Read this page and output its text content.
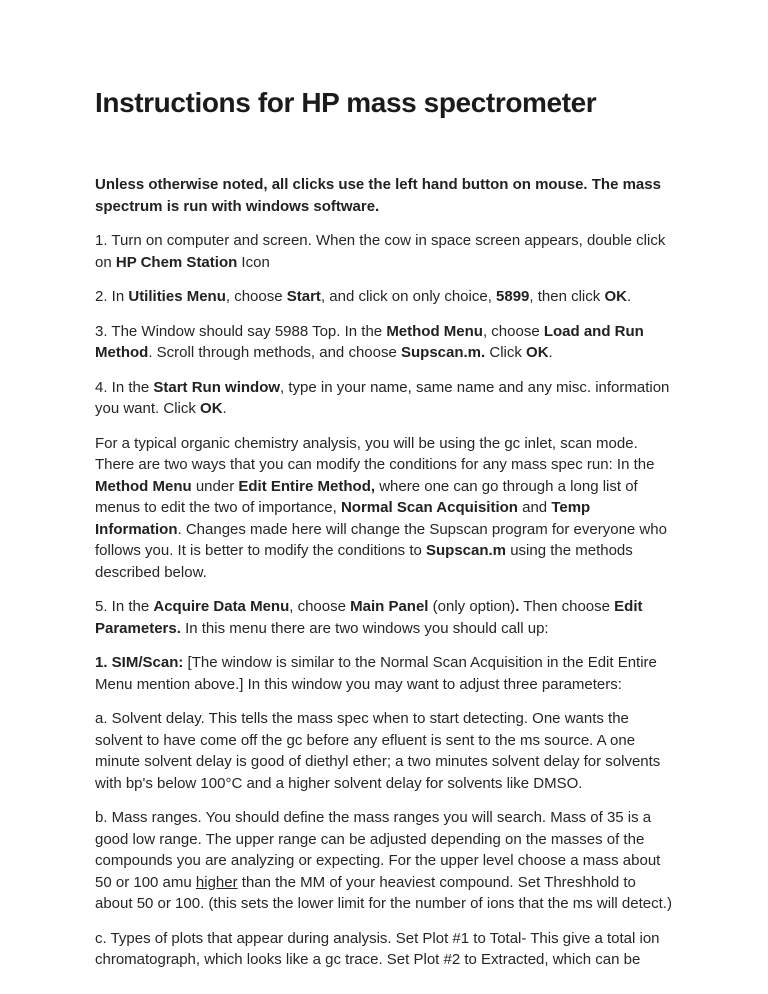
Instructions for HP mass spectrometer

Unless otherwise noted, all clicks use the left hand button on mouse. The mass spectrum is run with windows software.

1. Turn on computer and screen. When the cow in space screen appears, double click on HP Chem Station Icon

2. In Utilities Menu, choose Start, and click on only choice, 5899, then click OK.

3. The Window should say 5988 Top. In the Method Menu, choose Load and Run Method. Scroll through methods, and choose Supscan.m. Click OK.

4. In the Start Run window, type in your name, same name and any misc. information you want. Click OK.

For a typical organic chemistry analysis, you will be using the gc inlet, scan mode. There are two ways that you can modify the conditions for any mass spec run: In the Method Menu under Edit Entire Method, where one can go through a long list of menus to edit the two of importance, Normal Scan Acquisition and Temp Information. Changes made here will change the Supscan program for everyone who follows you. It is better to modify the conditions to Supscan.m using the methods described below.

5. In the Acquire Data Menu, choose Main Panel (only option). Then choose Edit Parameters. In this menu there are two windows you should call up:

1. SIM/Scan: [The window is similar to the Normal Scan Acquisition in the Edit Entire Menu mention above.] In this window you may want to adjust three parameters:

a. Solvent delay. This tells the mass spec when to start detecting. One wants the solvent to have come off the gc before any efluent is sent to the ms source. A one minute solvent delay is good of diethyl ether; a two minutes solvent delay for solvents with bp's below 100°C and a higher solvent delay for solvents like DMSO.

b. Mass ranges. You should define the mass ranges you will search. Mass of 35 is a good low range. The upper range can be adjusted depending on the masses of the compounds you are analyzing or expecting. For the upper level choose a mass about 50 or 100 amu higher than the MM of your heaviest compound. Set Threshhold to about 50 or 100. (this sets the lower limit for the number of ions that the ms will detect.)

c. Types of plots that appear during analysis. Set Plot #1 to Total- This give a total ion chromatograph, which looks like a gc trace. Set Plot #2 to Extracted, which can be
